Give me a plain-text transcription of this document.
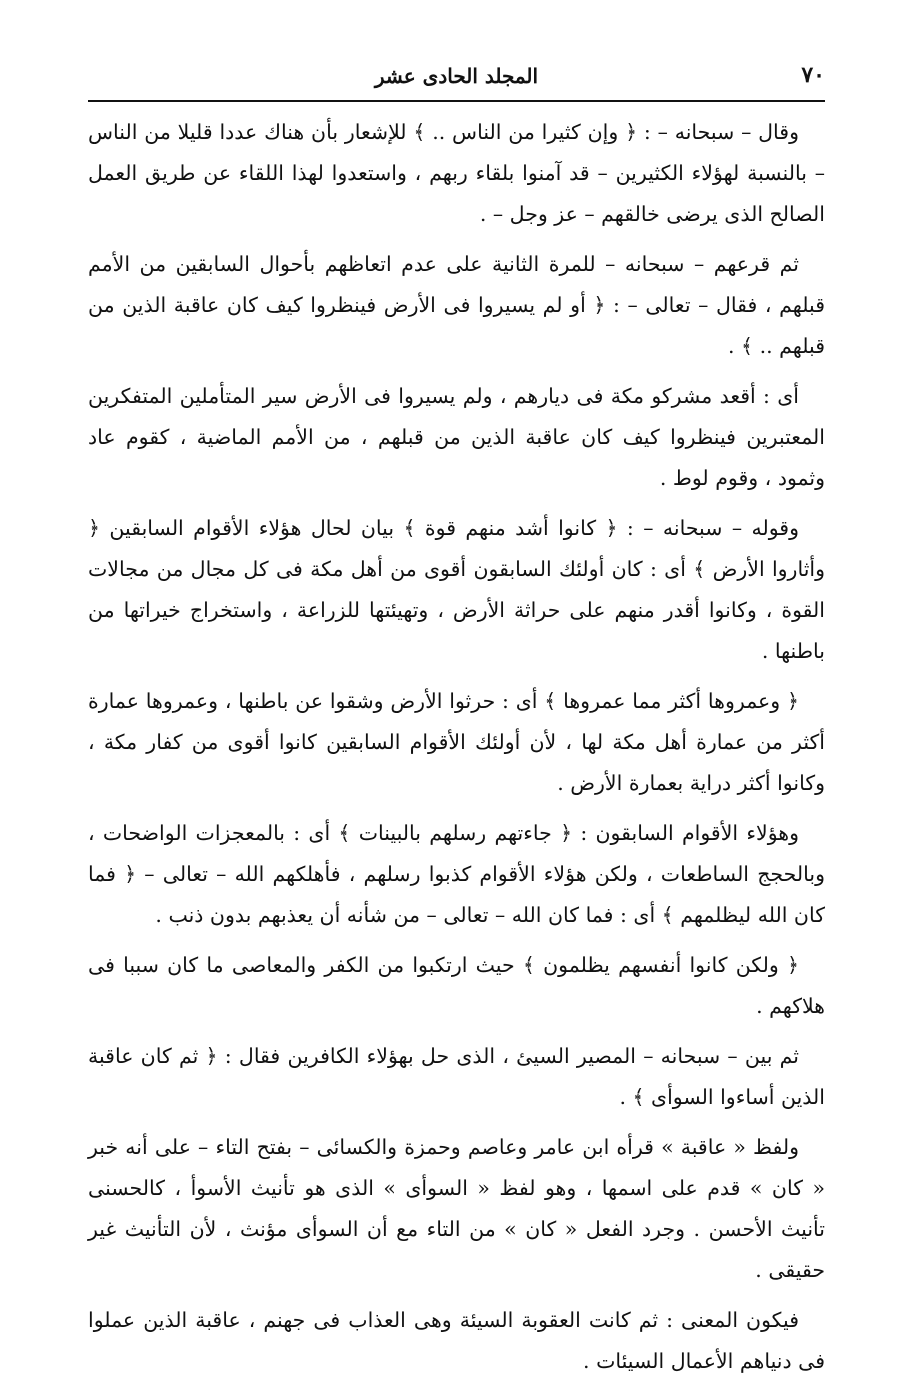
٧٠
المجلد الحادى عشر

وقال – سبحانه – : ﴿ وإن كثيرا من الناس .. ﴾ للإشعار بأن هناك عددا قليلا من الناس – بالنسبة لهؤلاء الكثيرين – قد آمنوا بلقاء ربهم ، واستعدوا لهذا اللقاء عن طريق العمل الصالح الذى يرضى خالقهم – عز وجل – .

ثم قرعهم – سبحانه – للمرة الثانية على عدم اتعاظهم بأحوال السابقين من الأمم قبلهم ، فقال – تعالى – : ﴿ أو لم يسيروا فى الأرض فينظروا كيف كان عاقبة الذين من قبلهم .. ﴾ .

أى : أقعد مشركو مكة فى ديارهم ، ولم يسيروا فى الأرض سير المتأملين المتفكرين المعتبرين فينظروا كيف كان عاقبة الذين من قبلهم ، من الأمم الماضية ، كقوم عاد وثمود ، وقوم لوط .

وقوله – سبحانه – : ﴿ كانوا أشد منهم قوة ﴾ بيان لحال هؤلاء الأقوام السابقين ﴿ وأثاروا الأرض ﴾ أى : كان أولئك السابقون أقوى من أهل مكة فى كل مجال من مجالات القوة ، وكانوا أقدر منهم على حراثة الأرض ، وتهيئتها للزراعة ، واستخراج خيراتها من باطنها .

﴿ وعمروها أكثر مما عمروها ﴾ أى : حرثوا الأرض وشقوا عن باطنها ، وعمروها عمارة أكثر من عمارة أهل مكة لها ، لأن أولئك الأقوام السابقين كانوا أقوى من كفار مكة ، وكانوا أكثر دراية بعمارة الأرض .

وهؤلاء الأقوام السابقون : ﴿ جاءتهم رسلهم بالبينات ﴾ أى : بالمعجزات الواضحات ، وبالحجج الساطعات ، ولكن هؤلاء الأقوام كذبوا رسلهم ، فأهلكهم الله – تعالى – ﴿ فما كان الله ليظلمهم ﴾ أى : فما كان الله – تعالى – من شأنه أن يعذبهم بدون ذنب .

﴿ ولكن كانوا أنفسهم يظلمون ﴾ حيث ارتكبوا من الكفر والمعاصى ما كان سببا فى هلاكهم .

ثم بين – سبحانه – المصير السيئ ، الذى حل بهؤلاء الكافرين فقال : ﴿ ثم كان عاقبة الذين أساءوا السوأى ﴾ .

ولفظ « عاقبة » قرأه ابن عامر وعاصم وحمزة والكسائى – بفتح التاء – على أنه خبر « كان » قدم على اسمها ، وهو لفظ « السوأى » الذى هو تأنيث الأسوأ ، كالحسنى تأنيث الأحسن . وجرد الفعل « كان » من التاء مع أن السوأى مؤنث ، لأن التأنيث غير حقيقى .

فيكون المعنى : ثم كانت العقوبة السيئة وهى العذاب فى جهنم ، عاقبة الذين عملوا فى دنياهم الأعمال السيئات .
